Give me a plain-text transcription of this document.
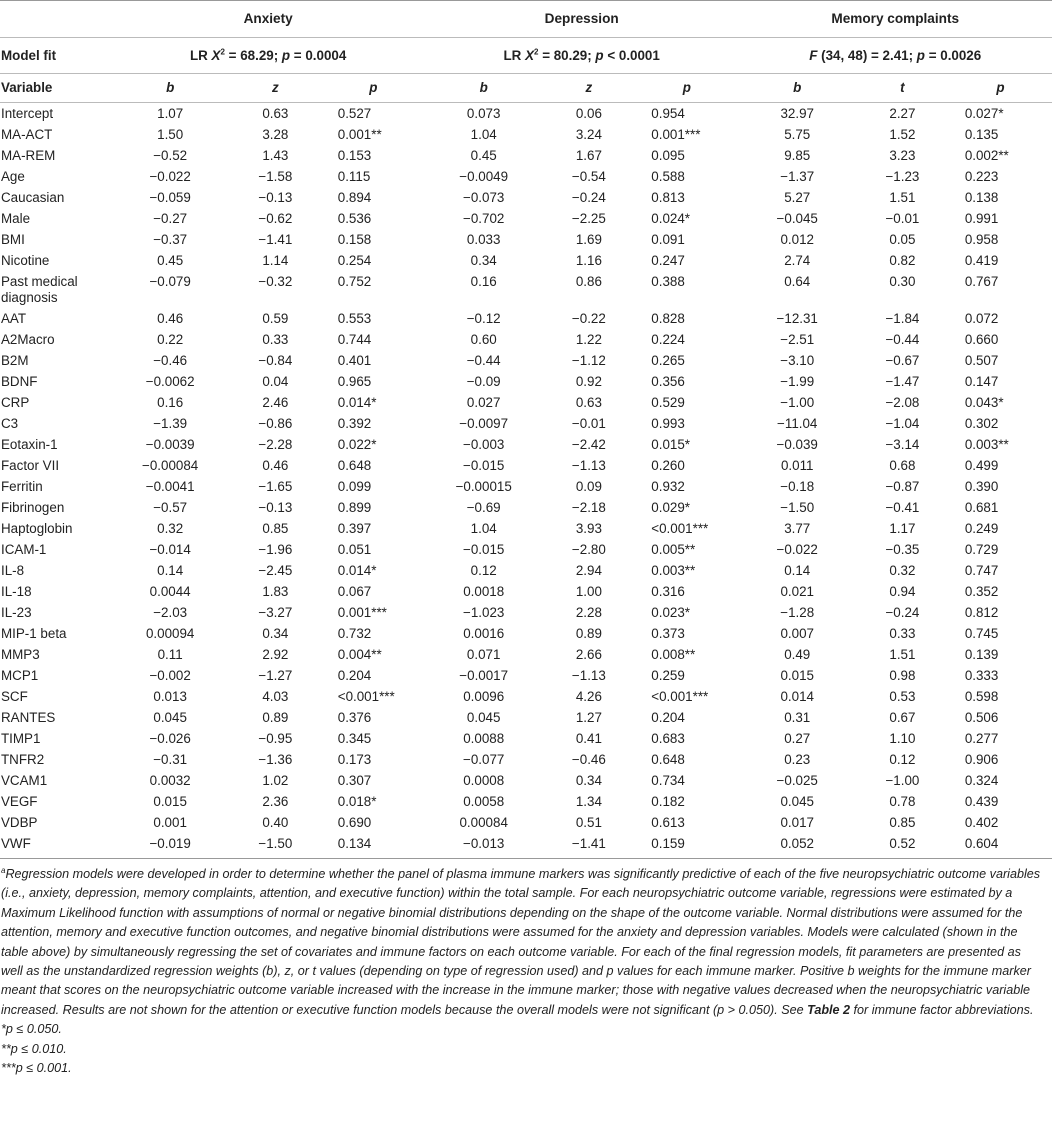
	Anxiety			Depression			Memory complaints		
Model fit	LR $X^2 = 68.29$; p = 0.0004			LR $X^2 = 80.29$; p < 0.0001			F (34, 48) = 2.41; p = 0.0026		
Variable	b	z	p	b	z	p	b	t	p
Intercept	1.07	0.63	0.527	0.073	0.06	0.954	32.97	2.27	0.027*
MA-ACT	1.50	3.28	0.001**	1.04	3.24	0.001***	5.75	1.52	0.135
MA-REM	−0.52	1.43	0.153	0.45	1.67	0.095	9.85	3.23	0.002**
Age	−0.022	−1.58	0.115	−0.0049	−0.54	0.588	−1.37	−1.23	0.223
Caucasian	−0.059	−0.13	0.894	−0.073	−0.24	0.813	5.27	1.51	0.138
Male	−0.27	−0.62	0.536	−0.702	−2.25	0.024*	−0.045	−0.01	0.991
BMI	−0.37	−1.41	0.158	0.033	1.69	0.091	0.012	0.05	0.958
Nicotine	0.45	1.14	0.254	0.34	1.16	0.247	2.74	0.82	0.419
Past medical diagnosis	−0.079	−0.32	0.752	0.16	0.86	0.388	0.64	0.30	0.767
AAT	0.46	0.59	0.553	−0.12	−0.22	0.828	−12.31	−1.84	0.072
A2Macro	0.22	0.33	0.744	0.60	1.22	0.224	−2.51	−0.44	0.660
B2M	−0.46	−0.84	0.401	−0.44	−1.12	0.265	−3.10	−0.67	0.507
BDNF	−0.0062	0.04	0.965	−0.09	0.92	0.356	−1.99	−1.47	0.147
CRP	0.16	2.46	0.014*	0.027	0.63	0.529	−1.00	−2.08	0.043*
C3	−1.39	−0.86	0.392	−0.0097	−0.01	0.993	−11.04	−1.04	0.302
Eotaxin-1	−0.0039	−2.28	0.022*	−0.003	−2.42	0.015*	−0.039	−3.14	0.003**
Factor VII	−0.00084	0.46	0.648	−0.015	−1.13	0.260	0.011	0.68	0.499
Ferritin	−0.0041	−1.65	0.099	−0.00015	0.09	0.932	−0.18	−0.87	0.390
Fibrinogen	−0.57	−0.13	0.899	−0.69	−2.18	0.029*	−1.50	−0.41	0.681
Haptoglobin	0.32	0.85	0.397	1.04	3.93	<0.001***	3.77	1.17	0.249
ICAM-1	−0.014	−1.96	0.051	−0.015	−2.80	0.005**	−0.022	−0.35	0.729
IL-8	0.14	−2.45	0.014*	0.12	2.94	0.003**	0.14	0.32	0.747
IL-18	0.0044	1.83	0.067	0.0018	1.00	0.316	0.021	0.94	0.352
IL-23	−2.03	−3.27	0.001***	−1.023	2.28	0.023*	−1.28	−0.24	0.812
MIP-1 beta	0.00094	0.34	0.732	0.0016	0.89	0.373	0.007	0.33	0.745
MMP3	0.11	2.92	0.004**	0.071	2.66	0.008**	0.49	1.51	0.139
MCP1	−0.002	−1.27	0.204	−0.0017	−1.13	0.259	0.015	0.98	0.333
SCF	0.013	4.03	<0.001***	0.0096	4.26	<0.001***	0.014	0.53	0.598
RANTES	0.045	0.89	0.376	0.045	1.27	0.204	0.31	0.67	0.506
TIMP1	−0.026	−0.95	0.345	0.0088	0.41	0.683	0.27	1.10	0.277
TNFR2	−0.31	−1.36	0.173	−0.077	−0.46	0.648	0.23	0.12	0.906
VCAM1	0.0032	1.02	0.307	0.0008	0.34	0.734	−0.025	−1.00	0.324
VEGF	0.015	2.36	0.018*	0.0058	1.34	0.182	0.045	0.78	0.439
VDBP	0.001	0.40	0.690	0.00084	0.51	0.613	0.017	0.85	0.402
VWF	−0.019	−1.50	0.134	−0.013	−1.41	0.159	0.052	0.52	0.604

$^a$Regression models were developed in order to determine whether the panel of plasma immune markers was significantly predictive of each of the five neuropsychiatric outcome variables (i.e., anxiety, depression, memory complaints, attention, and executive function) within the total sample. For each neuropsychiatric outcome variable, regressions were estimated by a Maximum Likelihood function with assumptions of normal or negative binomial distributions depending on the shape of the outcome variable. Normal distributions were assumed for the attention, memory and executive function outcomes, and negative binomial distributions were assumed for the anxiety and depression variables. Models were calculated (shown in the table above) by simultaneously regressing the set of covariates and immune factors on each outcome variable. For each of the final regression models, fit parameters are presented as well as the unstandardized regression weights (b), z, or t values (depending on type of regression used) and p values for each immune marker. Positive b weights for the immune marker meant that scores on the neuropsychiatric outcome variable increased with the increase in the immune marker; those with negative values decreased when the neuropsychiatric variable increased. Results are not shown for the attention or executive function models because the overall models were not significant (p > 0.050). See Table 2 for immune factor abbreviations.

*p ≤ 0.050.

**p ≤ 0.010.

***p ≤ 0.001.
